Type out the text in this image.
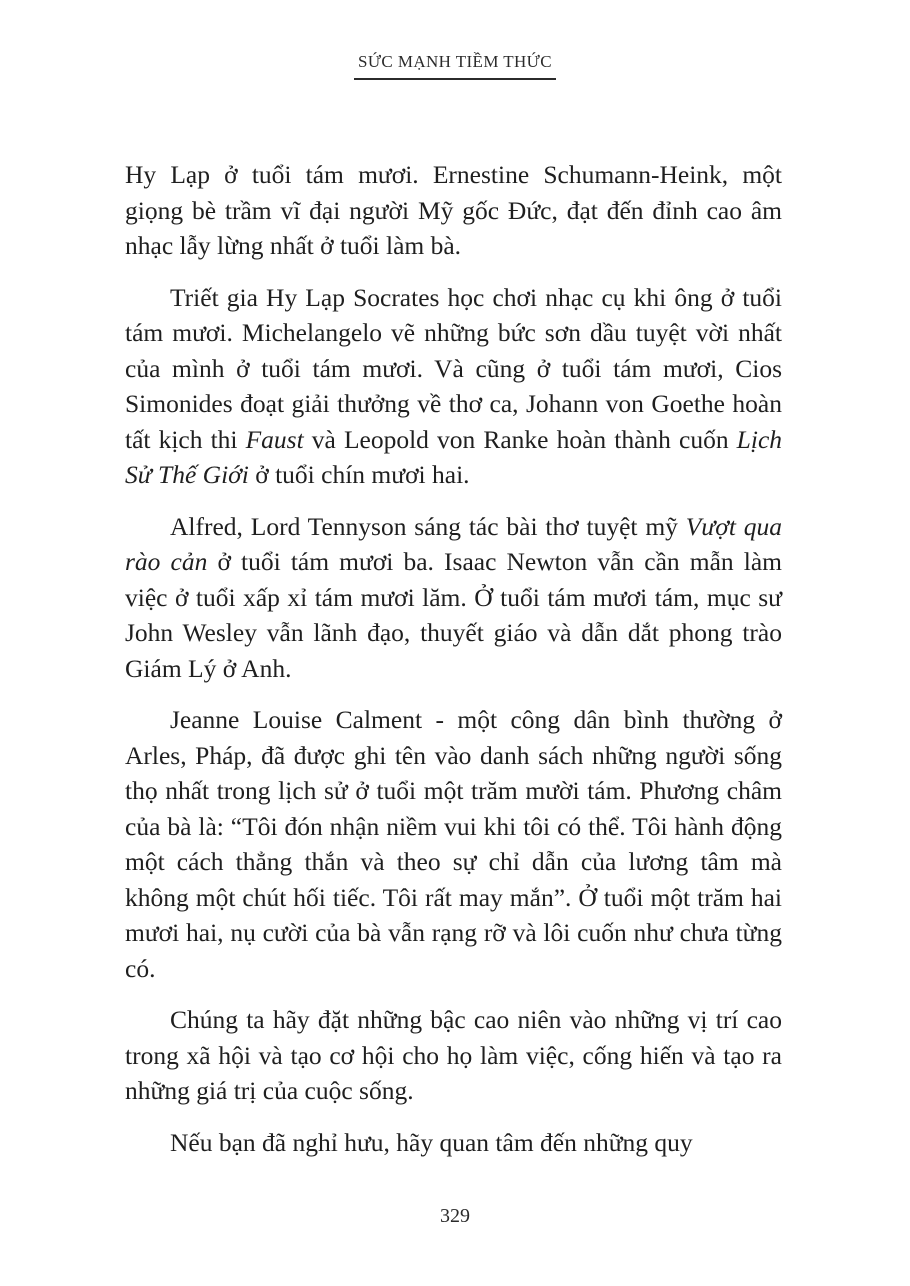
SỨC MẠNH TIỀM THỨC

Hy Lạp ở tuổi tám mươi. Ernestine Schumann-Heink, một giọng bè trầm vĩ đại người Mỹ gốc Đức, đạt đến đỉnh cao âm nhạc lẫy lừng nhất ở tuổi làm bà.

Triết gia Hy Lạp Socrates học chơi nhạc cụ khi ông ở tuổi tám mươi. Michelangelo vẽ những bức sơn dầu tuyệt vời nhất của mình ở tuổi tám mươi. Và cũng ở tuổi tám mươi, Cios Simonides đoạt giải thưởng về thơ ca, Johann von Goethe hoàn tất kịch thi Faust và Leopold von Ranke hoàn thành cuốn Lịch Sử Thế Giới ở tuổi chín mươi hai.

Alfred, Lord Tennyson sáng tác bài thơ tuyệt mỹ Vượt qua rào cản ở tuổi tám mươi ba. Isaac Newton vẫn cần mẫn làm việc ở tuổi xấp xỉ tám mươi lăm. Ở tuổi tám mươi tám, mục sư John Wesley vẫn lãnh đạo, thuyết giáo và dẫn dắt phong trào Giám Lý ở Anh.

Jeanne Louise Calment - một công dân bình thường ở Arles, Pháp, đã được ghi tên vào danh sách những người sống thọ nhất trong lịch sử ở tuổi một trăm mười tám. Phương châm của bà là: “Tôi đón nhận niềm vui khi tôi có thể. Tôi hành động một cách thẳng thắn và theo sự chỉ dẫn của lương tâm mà không một chút hối tiếc. Tôi rất may mắn”. Ở tuổi một trăm hai mươi hai, nụ cười của bà vẫn rạng rỡ và lôi cuốn như chưa từng có.

Chúng ta hãy đặt những bậc cao niên vào những vị trí cao trong xã hội và tạo cơ hội cho họ làm việc, cống hiến và tạo ra những giá trị của cuộc sống.

Nếu bạn đã nghỉ hưu, hãy quan tâm đến những quy

329
